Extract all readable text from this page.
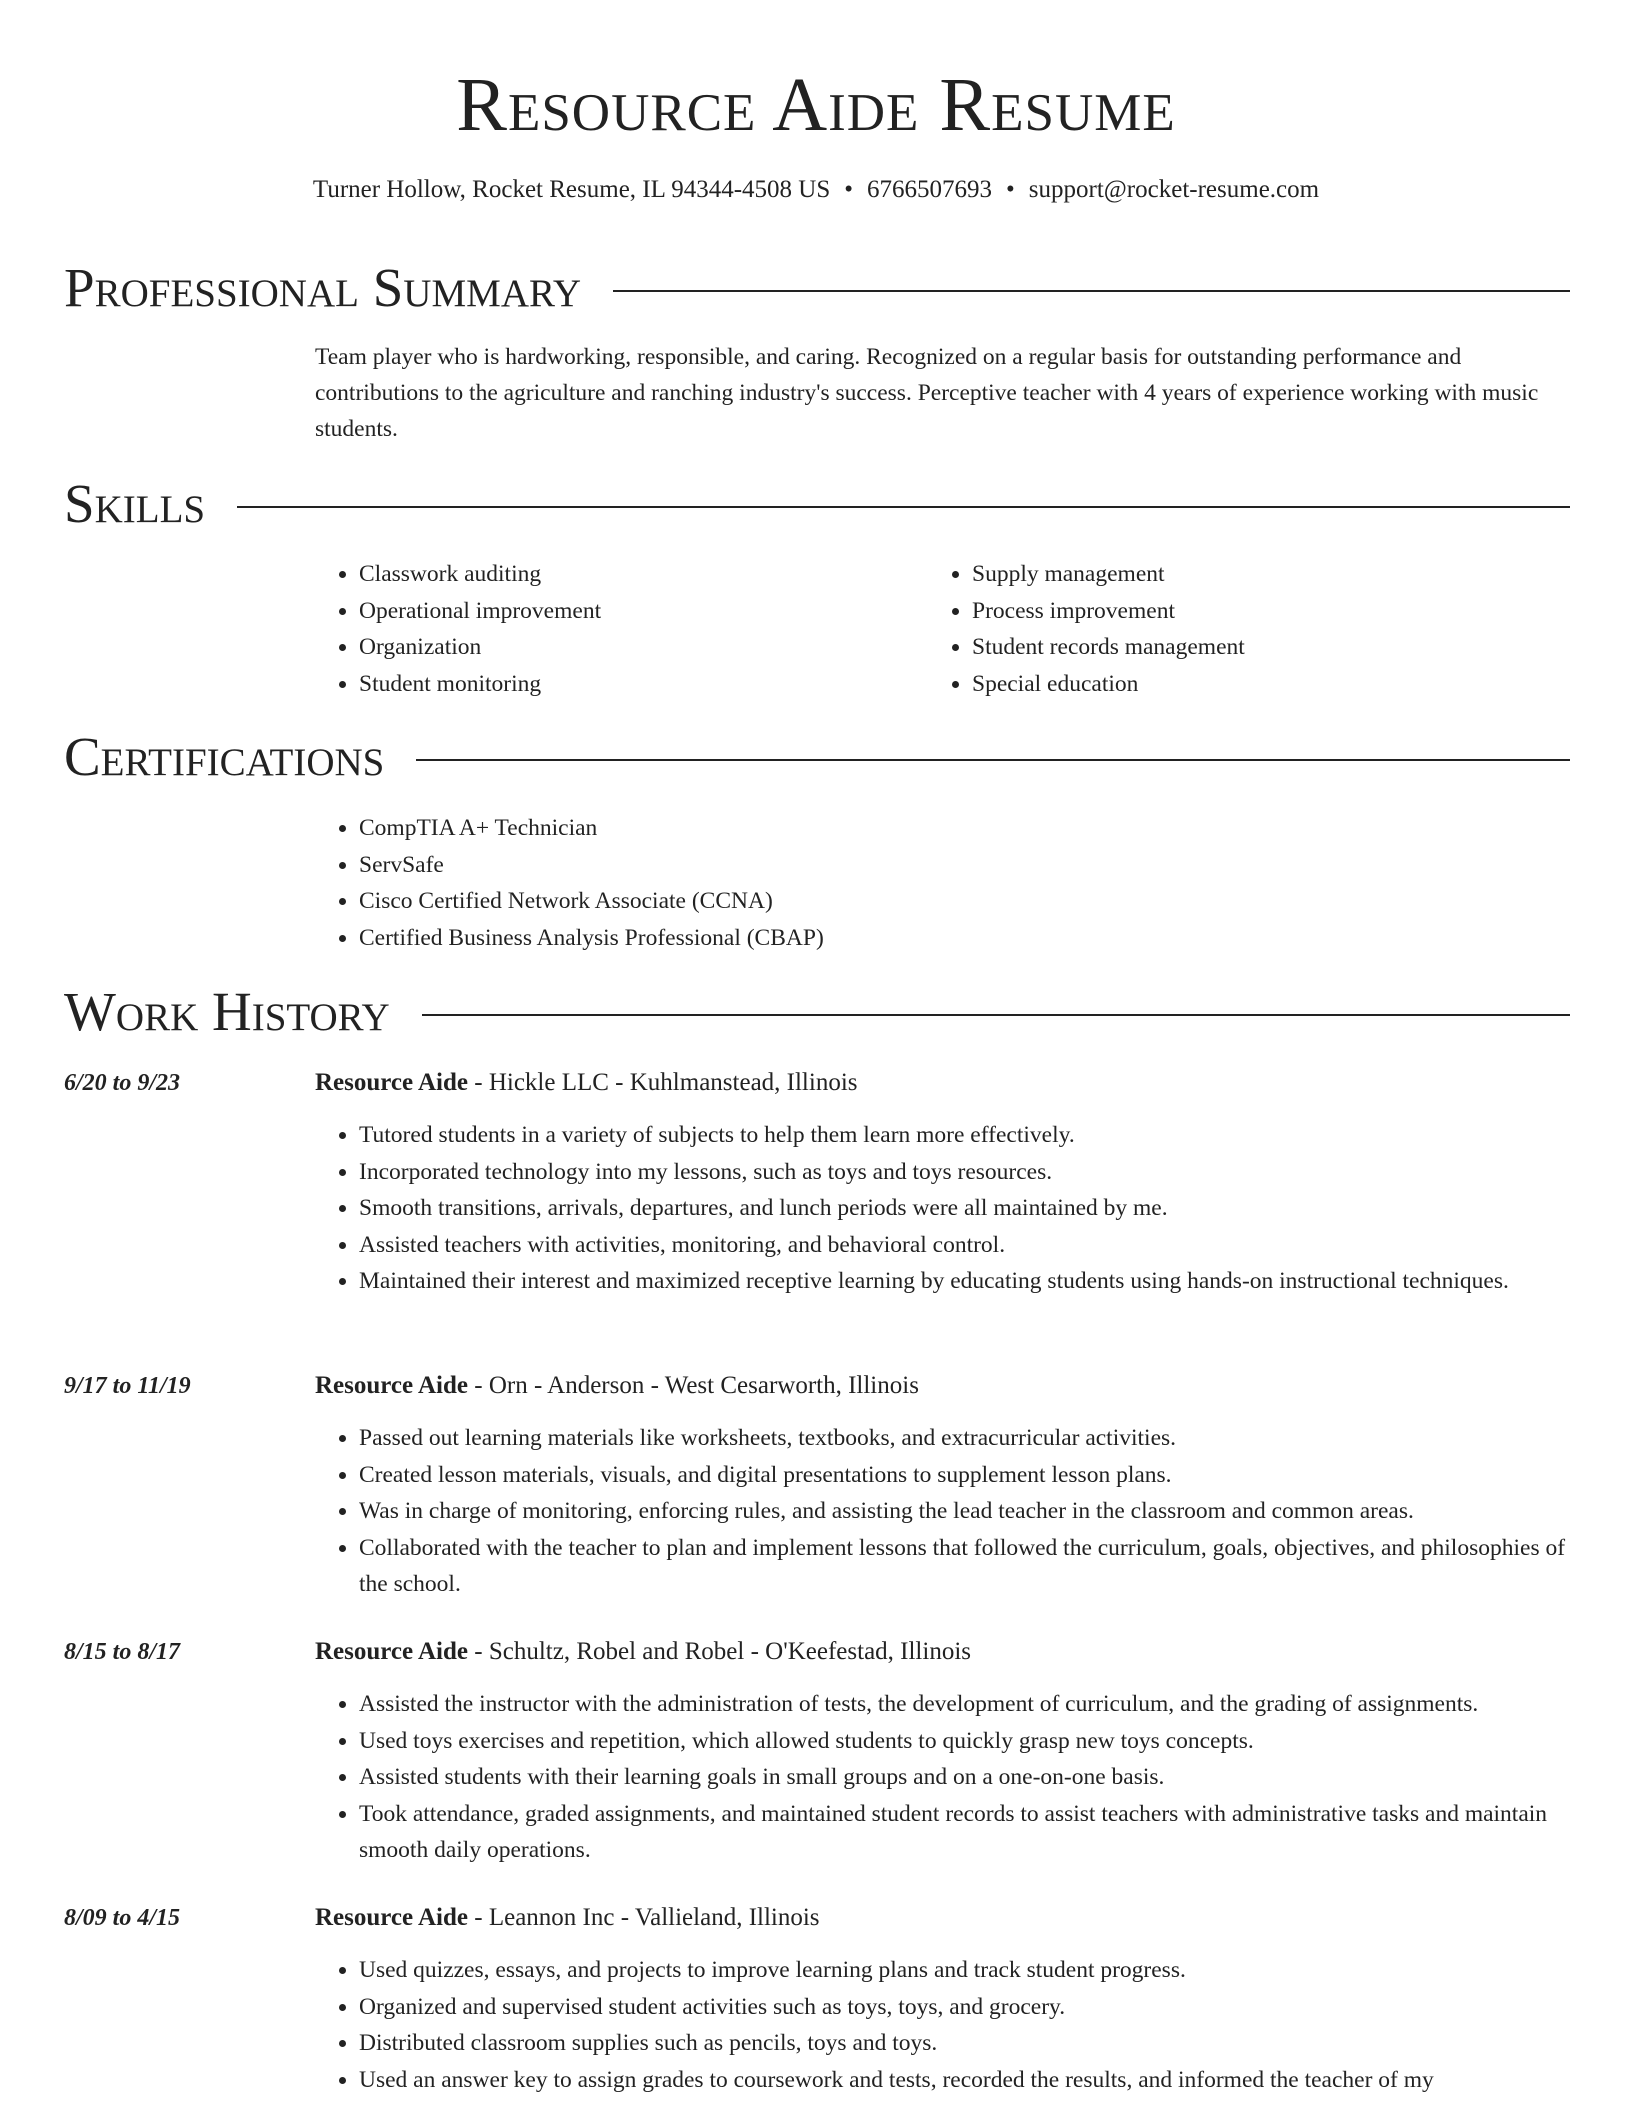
Resource Aide Resume
Turner Hollow, Rocket Resume, IL 94344-4508 US • 6766507693 • support@rocket-resume.com
Professional Summary
Team player who is hardworking, responsible, and caring. Recognized on a regular basis for outstanding performance and contributions to the agriculture and ranching industry's success. Perceptive teacher with 4 years of experience working with music students.
Skills
• Classwork auditing
• Operational improvement
• Organization
• Student monitoring
• Supply management
• Process improvement
• Student records management
• Special education
Certifications
• CompTIA A+ Technician
• ServSafe
• Cisco Certified Network Associate (CCNA)
• Certified Business Analysis Professional (CBAP)
Work History
6/20 to 9/23	Resource Aide - Hickle LLC - Kuhlmanstead, Illinois
• Tutored students in a variety of subjects to help them learn more effectively.
• Incorporated technology into my lessons, such as toys and toys resources.
• Smooth transitions, arrivals, departures, and lunch periods were all maintained by me.
• Assisted teachers with activities, monitoring, and behavioral control.
• Maintained their interest and maximized receptive learning by educating students using hands-on instructional techniques.
9/17 to 11/19	Resource Aide - Orn - Anderson - West Cesarworth, Illinois
• Passed out learning materials like worksheets, textbooks, and extracurricular activities.
• Created lesson materials, visuals, and digital presentations to supplement lesson plans.
• Was in charge of monitoring, enforcing rules, and assisting the lead teacher in the classroom and common areas.
• Collaborated with the teacher to plan and implement lessons that followed the curriculum, goals, objectives, and philosophies of the school.
8/15 to 8/17	Resource Aide - Schultz, Robel and Robel - O'Keefestad, Illinois
• Assisted the instructor with the administration of tests, the development of curriculum, and the grading of assignments.
• Used toys exercises and repetition, which allowed students to quickly grasp new toys concepts.
• Assisted students with their learning goals in small groups and on a one-on-one basis.
• Took attendance, graded assignments, and maintained student records to assist teachers with administrative tasks and maintain smooth daily operations.
8/09 to 4/15	Resource Aide - Leannon Inc - Vallieland, Illinois
• Used quizzes, essays, and projects to improve learning plans and track student progress.
• Organized and supervised student activities such as toys, toys, and grocery.
• Distributed classroom supplies such as pencils, toys and toys.
• Used an answer key to assign grades to coursework and tests, recorded the results, and informed the teacher of my
